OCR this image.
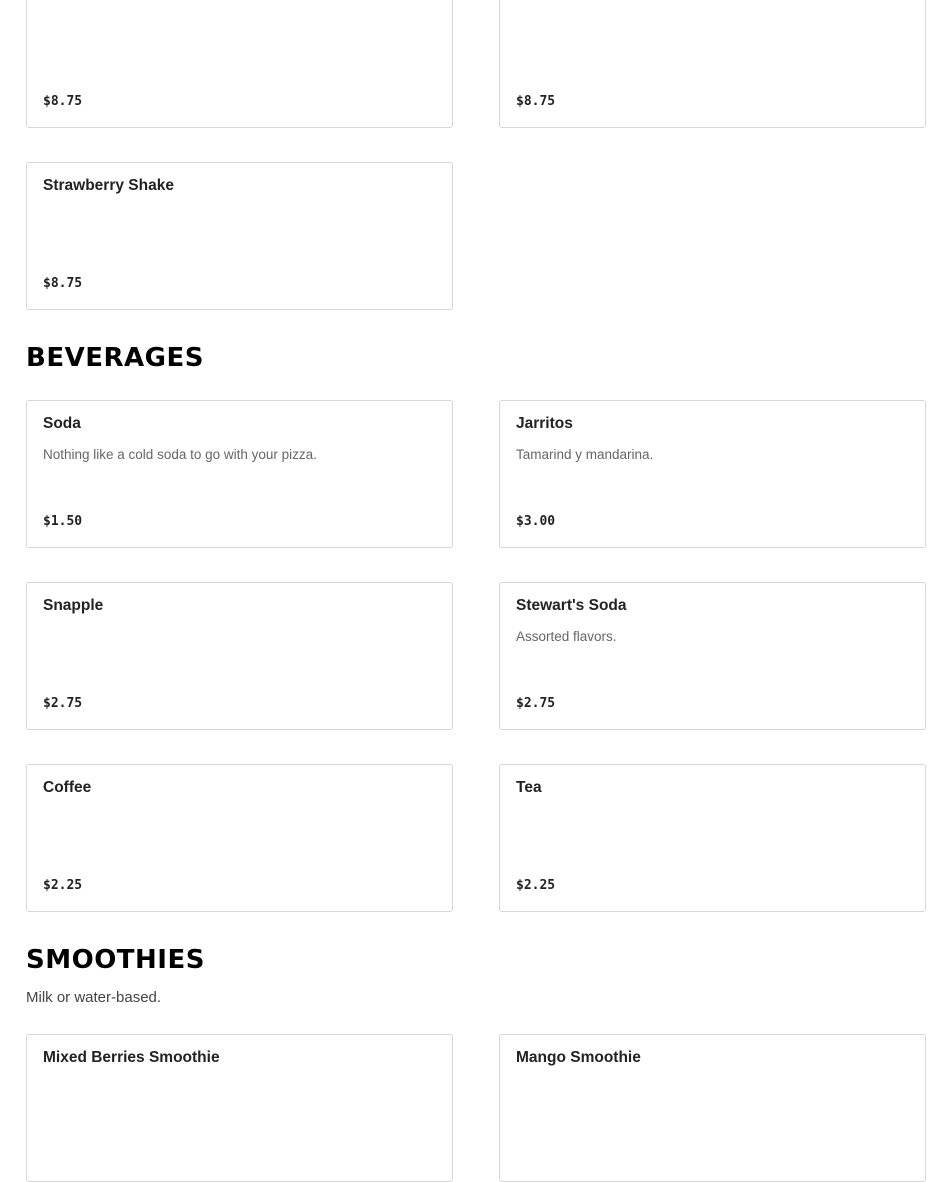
$8.75	$8.75
Strawberry Shake
$8.75
BEVERAGES
Soda
Nothing like a cold soda to go with your pizza.
$1.50
Jarritos
Tamarind y mandarina.
$3.00
Snapple
$2.75
Stewart's Soda
Assorted flavors.
$2.75
Coffee
$2.25
Tea
$2.25
SMOOTHIES
Milk or water-based.
Mixed Berries Smoothie	Mango Smoothie
